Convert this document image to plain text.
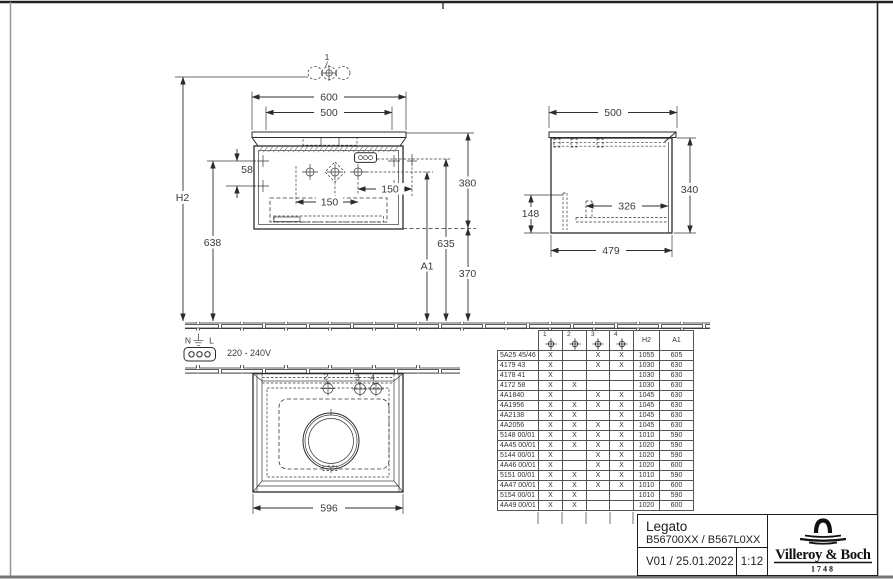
1
600
500
H2
638
58
150
150	380
370
635
A1
500
326
148
340
479
N L
220 - 240V
2	3 4
596

	1	2	3	4	H2	A1
5A25 45/46	X		X	X	1055	605
4179 43	X		X	X	1030	630
4178 41	X				1030	630
4172 58	X	X			1030	630
4A1840	X		X	X	1045	630
4A1956	X	X	X	X	1045	630
4A2138	X	X		X	1045	630
4A2056	X	X	X	X	1045	630
5148 00/01	X	X	X	X	1010	590
4A45 00/01	X	X	X	X	1020	590
5144 00/01	X		X	X	1020	590
4A46 00/01	X		X	X	1020	600
5151 00/01	X	X	X	X	1010	590
4A47 00/01	X	X	X	X	1010	600
5154 00/01	X	X			1010	590
4A49 00/01	X	X			1020	600
Legato
B56700XX / B567L0XX
V01 / 25.01.2022 1:12 Villeroy & Boch
1748
